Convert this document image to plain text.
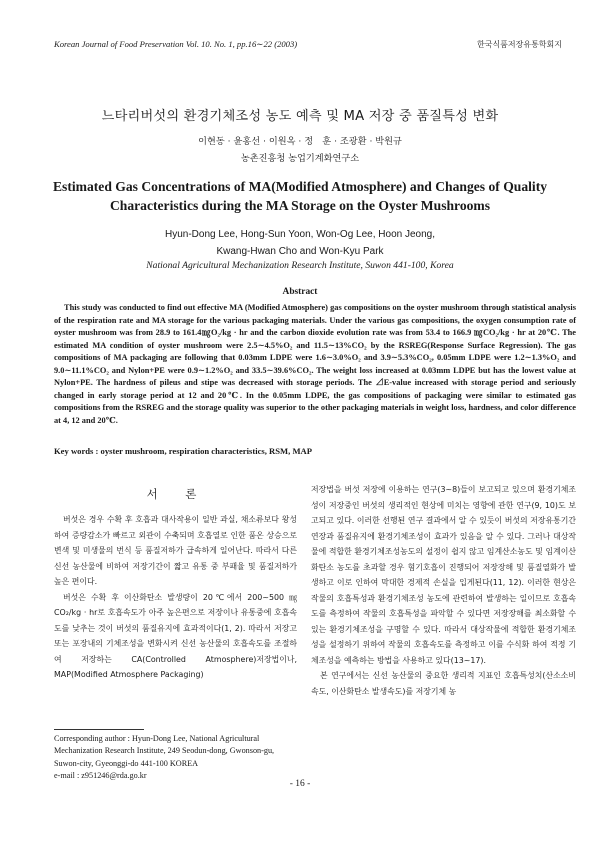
Korean Journal of Food Preservation Vol. 10. No. 1, pp.16∼22 (2003)	한국식품저장유통학회지
느타리버섯의 환경기체조성 농도 예측 및 MA 저장 중 품질특성 변화
이현동 · 윤홍선 · 이원옥 · 정　훈 · 조광환 · 박원규
농촌진흥청 농업기계화연구소
Estimated Gas Concentrations of MA(Modified Atmosphere) and Changes of Quality Characteristics during the MA Storage on the Oyster Mushrooms
Hyun-Dong Lee, Hong-Sun Yoon, Won-Og Lee, Hoon Jeong,
Kwang-Hwan Cho and Won-Kyu Park
National Agricultural Mechanization Research Institute, Suwon 441-100, Korea
Abstract
This study was conducted to find out effective MA (Modified Atmosphere) gas compositions on the oyster mushroom through statistical analysis of the respiration rate and MA storage for the various packaging materials. Under the various gas compositions, the oxygen consumption rate of oyster mushroom was from 28.9 to 161.4㎎O₂/kg · hr and the carbon dioxide evolution rate was from 53.4 to 166.9 ㎎CO₂/kg · hr at 20℃. The estimated MA condition of oyster mushroom were 2.5∼4.5%O₂ and 11.5∼13%CO₂ by the RSREG(Response Surface Regression). The gas compositions of MA packaging are following that 0.03mm LDPE were 1.6∼3.0%O₂ and 3.9∼5.3%CO₂, 0.05mm LDPE were 1.2∼1.3%O₂ and 9.0∼11.1%CO₂ and Nylon+PE were 0.9∼1.2%O₂ and 33.5∼39.6%CO₂. The weight loss increased at 0.03mm LDPE but has the lowest value at Nylon+PE. The hardness of pileus and stipe was decreased with storage periods. The ⊿E-value increased with storage period and seriously changed in early storage period at 12 and 20℃. In the 0.05mm LDPE, the gas compositions of packaging were similar to estimated gas compositions from the RSREG and the storage quality was superior to the other packaging materials in weight loss, hardness, and color difference at 4, 12 and 20℃.
Key words : oyster mushroom, respiration characteristics, RSM, MAP
서　론

버섯은 경우 수확 후 호흡과 대사작용이 일반 과실, 채소류보다 왕성하여 증량감소가 빠르고 외관이 수축되며 호흡열로 인한 품온 상승으로 변색 및 미생물의 번식 등 품질저하가 급속하게 일어난다. 따라서 다른 신선 농산물에 비하여 저장기간이 짧고 유통 중 부패율 및 품질저하가 높은 편이다.

버섯은 수확 후 이산화탄소 발생량이 20℃에서 200∼500 ㎎CO₂/kg · hr로 호흡속도가 아주 높은편으로 저장이나 유통중에 호흡속도를 낮추는 것이 버섯의 품질유지에 효과적이다(1, 2). 따라서 저장고 또는 포장내의 기체조성을 변화시켜 신선 농산물의 호흡속도를 조절하여 저장하는 CA(Controlled Atmosphere)저장법이나, MAP(Modified Atmosphere Packaging)

저장법을 버섯 저장에 이용하는 연구(3∼8)들이 보고되고 있으며 환경기체조성이 저장중인 버섯의 생리적인 현상에 미치는 영향에 관한 연구(9, 10)도 보고되고 있다. 이러한 선행된 연구 결과에서 알 수 있듯이 버섯의 저장유통기간 연장과 품질유지에 환경기체조성이 효과가 있음을 알 수 있다. 그러나 대상작물에 적합한 환경기체조성농도의 설정이 쉽지 않고 임계산소농도 및 임계이산화탄소 농도를 초과할 경우 혐기호흡이 진행되어 저장장해 및 품질열화가 발생하고 이로 인하여 막대한 경제적 손실을 입게된다(11, 12). 이러한 현상은 작물의 호흡특성과 환경기체조성 농도에 관련하여 발생하는 일이므로 호흡속도를 측정하여 작물의 호흡특성을 파악할 수 있다면 저장장해를 최소화할 수 있는 환경기체조성을 구명할 수 있다. 따라서 대상작물에 적합한 환경기체조성을 설정하기 위하여 작물의 호흡속도를 측정하고 이를 수식화 하여 적정 기체조성을 예측하는 방법을 사용하고 있다(13∼17).

본 연구에서는 신선 농산물의 중요한 생리적 지표인 호흡특성치(산소소비속도, 이산화탄소 발생속도)를 저장기체 농

Corresponding author : Hyun-Dong Lee, National Agricultural
Mechanization Research Institute, 249 Seodun-dong, Gwonson-gu,
Suwon-city, Gyeonggi-do 441-100 KOREA
e-mail : z951246@rda.go.kr
- 16 -
